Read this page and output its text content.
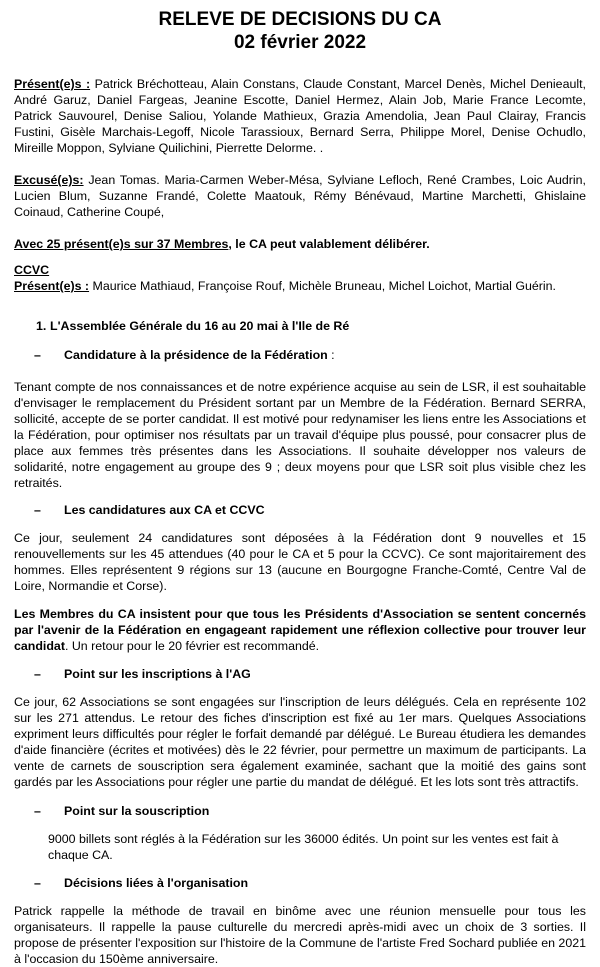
RELEVE DE DECISIONS DU CA
02 février 2022

Présent(e)s : Patrick Bréchotteau, Alain Constans, Claude Constant, Marcel Denès, Michel Denieault, André Garuz, Daniel Fargeas, Jeanine Escotte, Daniel Hermez, Alain Job, Marie France Lecomte, Patrick Sauvourel, Denise Saliou, Yolande Mathieux, Grazia Amendolia, Jean Paul Clairay, Francis Fustini, Gisèle Marchais-Legoff, Nicole Tarassioux, Bernard Serra, Philippe Morel, Denise Ochudlo, Mireille Moppon, Sylviane Quilichini, Pierrette Delorme. .

Excusé(e)s: Jean Tomas. Maria-Carmen Weber-Mésa, Sylviane Lefloch, René Crambes, Loic Audrin, Lucien Blum, Suzanne Frandé, Colette Maatouk, Rémy Bénévaud, Martine Marchetti, Ghislaine Coinaud, Catherine Coupé,

Avec 25 présent(e)s sur 37 Membres, le CA peut valablement délibérer.

CCVC

Présent(e)s : Maurice Mathiaud, Françoise Rouf, Michèle Bruneau, Michel Loichot, Martial Guérin.

1. L'Assemblée Générale du 16 au 20 mai à l'Ile de Ré
–	Candidature à la présidence de la Fédération :

Tenant compte de nos connaissances et de notre expérience acquise au sein de LSR, il est souhaitable d'envisager le remplacement du Président sortant par un Membre de la Fédération. Bernard SERRA, sollicité, accepte de se porter candidat. Il est motivé pour redynamiser les liens entre les Associations et la Fédération, pour optimiser nos résultats par un travail d'équipe plus poussé, pour consacrer plus de place aux femmes très présentes dans les Associations. Il souhaite développer nos valeurs de solidarité, notre engagement au groupe des 9 ; deux moyens pour que LSR soit plus visible chez les retraités.

–	Les candidatures aux CA et CCVC

Ce jour, seulement 24 candidatures sont déposées à la Fédération dont 9 nouvelles et 15 renouvellements sur les 45 attendues (40 pour le CA et 5 pour la CCVC). Ce sont majoritairement des hommes. Elles représentent 9 régions sur 13 (aucune en Bourgogne Franche-Comté, Centre Val de Loire, Normandie et Corse).

Les Membres du CA insistent pour que tous les Présidents d'Association se sentent concernés par l'avenir de la Fédération en engageant rapidement une réflexion collective pour trouver leur candidat. Un retour pour le 20 février est recommandé.

–	Point sur les inscriptions à l'AG

Ce jour, 62 Associations se sont engagées sur l'inscription de leurs délégués. Cela en représente 102 sur les 271 attendus. Le retour des fiches d'inscription est fixé au 1er mars. Quelques Associations expriment leurs difficultés pour régler le forfait demandé par délégué. Le Bureau étudiera les demandes d'aide financière (écrites et motivées) dès le 22 février, pour permettre un maximum de participants. La vente de carnets de souscription sera également examinée, sachant que la moitié des gains sont gardés par les Associations pour régler une partie du mandat de délégué. Et les lots sont très attractifs.

–	Point sur la souscription

9000 billets sont réglés à la Fédération sur les 36000 édités. Un point sur les ventes est fait à chaque CA.

–	Décisions liées à l'organisation

Patrick rappelle la méthode de travail en binôme avec une réunion mensuelle pour tous les organisateurs. Il rappelle la pause culturelle du mercredi après-midi avec un choix de 3 sorties. Il propose de présenter l'exposition sur l'histoire de la Commune de l'artiste Fred Sochard publiée en 2021 à l'occasion du 150ème anniversaire.
